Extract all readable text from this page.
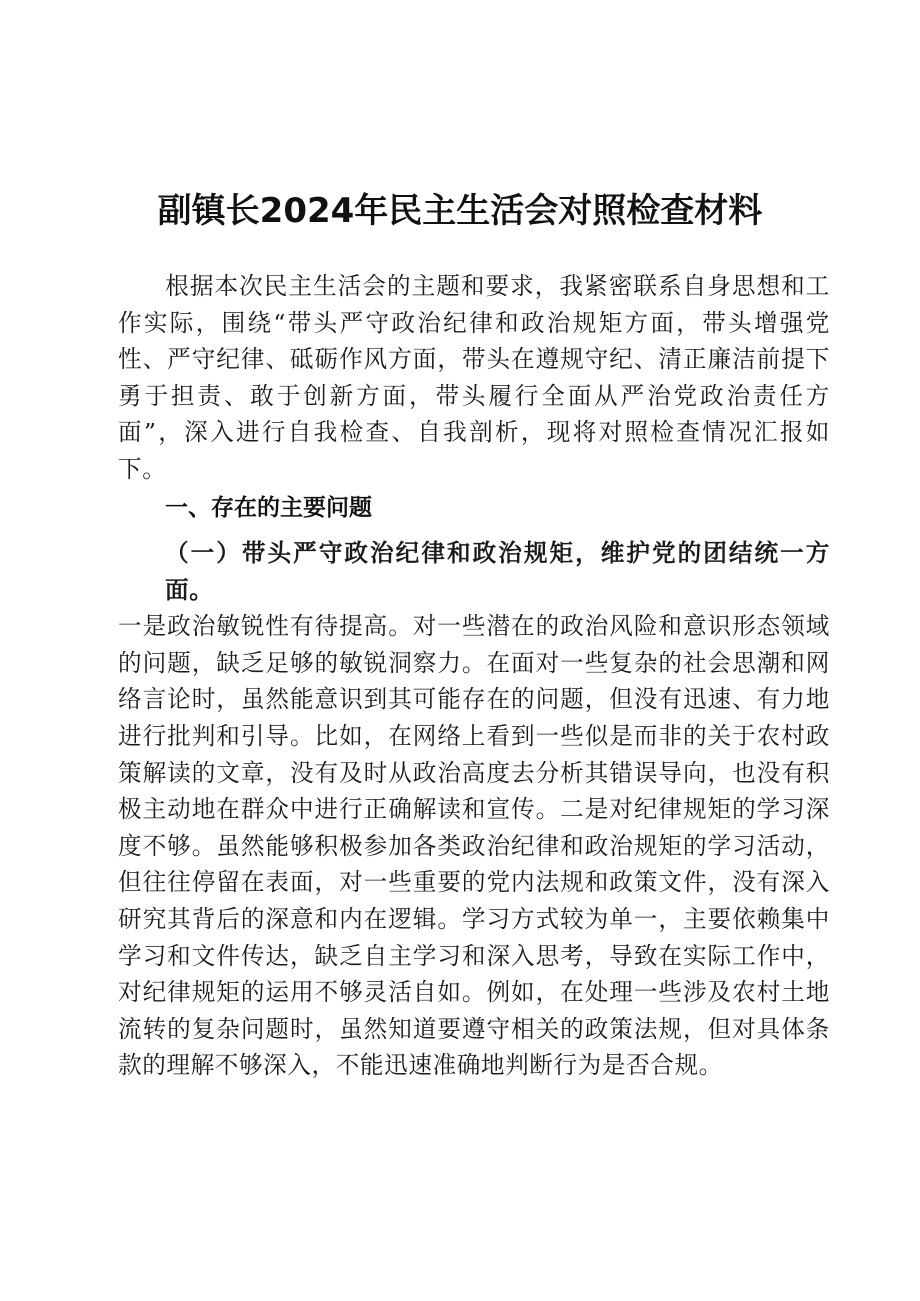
副镇长2024年民主生活会对照检查材料

根据本次民主生活会的主题和要求，我紧密联系自身思想和工作实际，围绕“带头严守政治纪律和政治规矩方面，带头增强党性、严守纪律、砥砺作风方面，带头在遵规守纪、清正廉洁前提下勇于担责、敢于创新方面，带头履行全面从严治党政治责任方面”，深入进行自我检查、自我剖析，现将对照检查情况汇报如下。

一、存在的主要问题

（一）带头严守政治纪律和政治规矩，维护党的团结统一方面。一是政治敏锐性有待提高。对一些潜在的政治风险和意识形态领域的问题，缺乏足够的敏锐洞察力。在面对一些复杂的社会思潮和网络言论时，虽然能意识到其可能存在的问题，但没有迅速、有力地进行批判和引导。比如，在网络上看到一些似是而非的关于农村政策解读的文章，没有及时从政治高度去分析其错误导向，也没有积极主动地在群众中进行正确解读和宣传。二是对纪律规矩的学习深度不够。虽然能够积极参加各类政治纪律和政治规矩的学习活动，但往往停留在表面，对一些重要的党内法规和政策文件，没有深入研究其背后的深意和内在逻辑。学习方式较为单一，主要依赖集中学习和文件传达，缺乏自主学习和深入思考，导致在实际工作中，对纪律规矩的运用不够灵活自如。例如，在处理一些涉及农村土地流转的复杂问题时，虽然知道要遵守相关的政策法规，但对具体条款的理解不够深入，不能迅速准确地判断行为是否合规。
